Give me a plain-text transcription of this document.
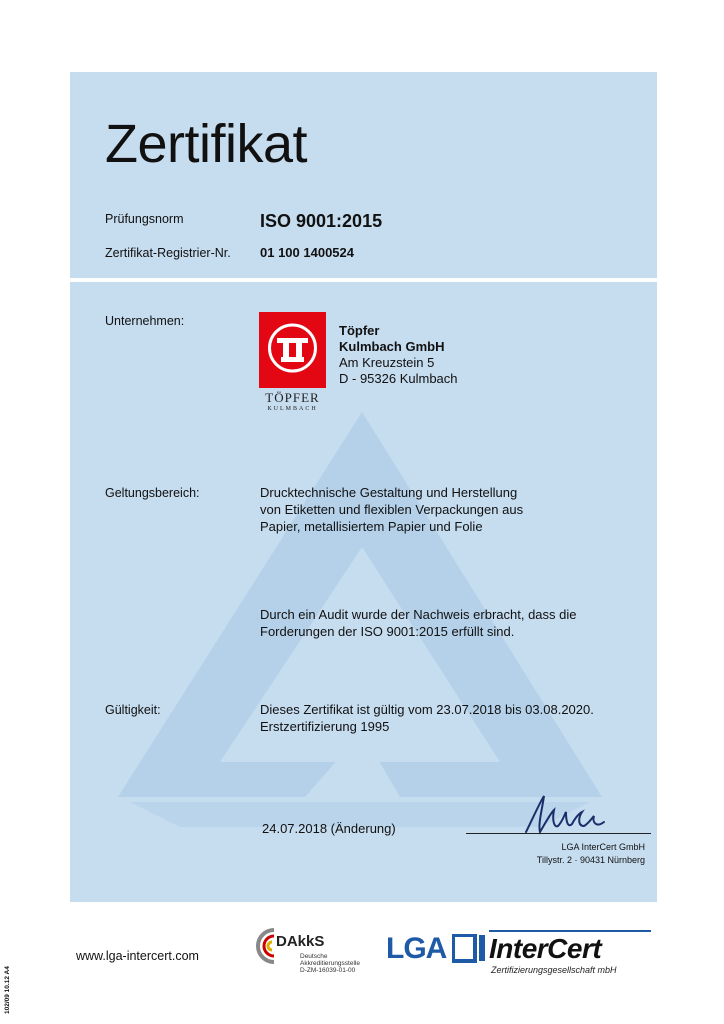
Zertifikat
Prüfungsnorm	ISO 9001:2015
Zertifikat-Registrier-Nr. 01 100 1400524
Unternehmen:
TÖPFER
KULMBACH
Töpfer
Kulmbach GmbH
Am Kreuzstein 5
D - 95326 Kulmbach
Geltungsbereich:	Drucktechnische Gestaltung und Herstellung
von Etiketten und flexiblen Verpackungen aus
Papier, metallisiertem Papier und Folie
Durch ein Audit wurde der Nachweis erbracht, dass die
Forderungen der ISO 9001:2015 erfüllt sind.
Gültigkeit:	Dieses Zertifikat ist gültig vom 23.07.2018 bis 03.08.2020.
Erstzertifizierung 1995
24.07.2018 (Änderung)
LGA InterCert GmbH
Tillystr. 2 · 90431 Nürnberg
www.lga-intercert.com
DAkkS
Deutsche
Akkreditierungsstelle
D-ZM-16039-01-00
LGA InterCert
Zertifizierungsgesellschaft mbH
102/09 10.12 A4
